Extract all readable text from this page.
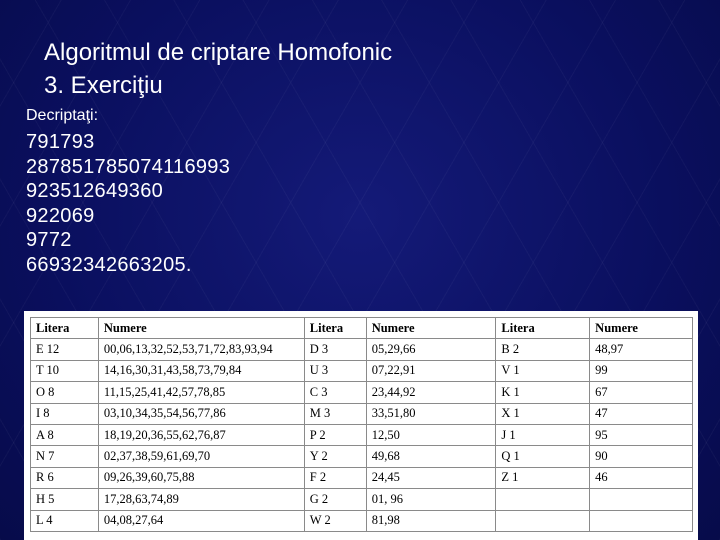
Algoritmul de criptare Homofonic
3. Exerciţiu
Decriptaţi:
791793
287851785074116993
923512649360
922069
9772
66932342663205.
Litera	Numere	Litera	Numere	Litera	Numere
E 12	00,06,13,32,52,53,71,72,83,93,94	D 3	05,29,66	B 2	48,97
T 10	14,16,30,31,43,58,73,79,84	U 3	07,22,91	V 1	99
O 8	11,15,25,41,42,57,78,85	C 3	23,44,92	K 1	67
I 8	03,10,34,35,54,56,77,86	M 3	33,51,80	X 1	47
A 8	18,19,20,36,55,62,76,87	P 2	12,50	J 1	95
N 7	02,37,38,59,61,69,70	Y 2	49,68	Q 1	90
R 6	09,26,39,60,75,88	F 2	24,45	Z 1	46
H 5	17,28,63,74,89	G 2	01, 96		
L 4	04,08,27,64	W 2	81,98		
